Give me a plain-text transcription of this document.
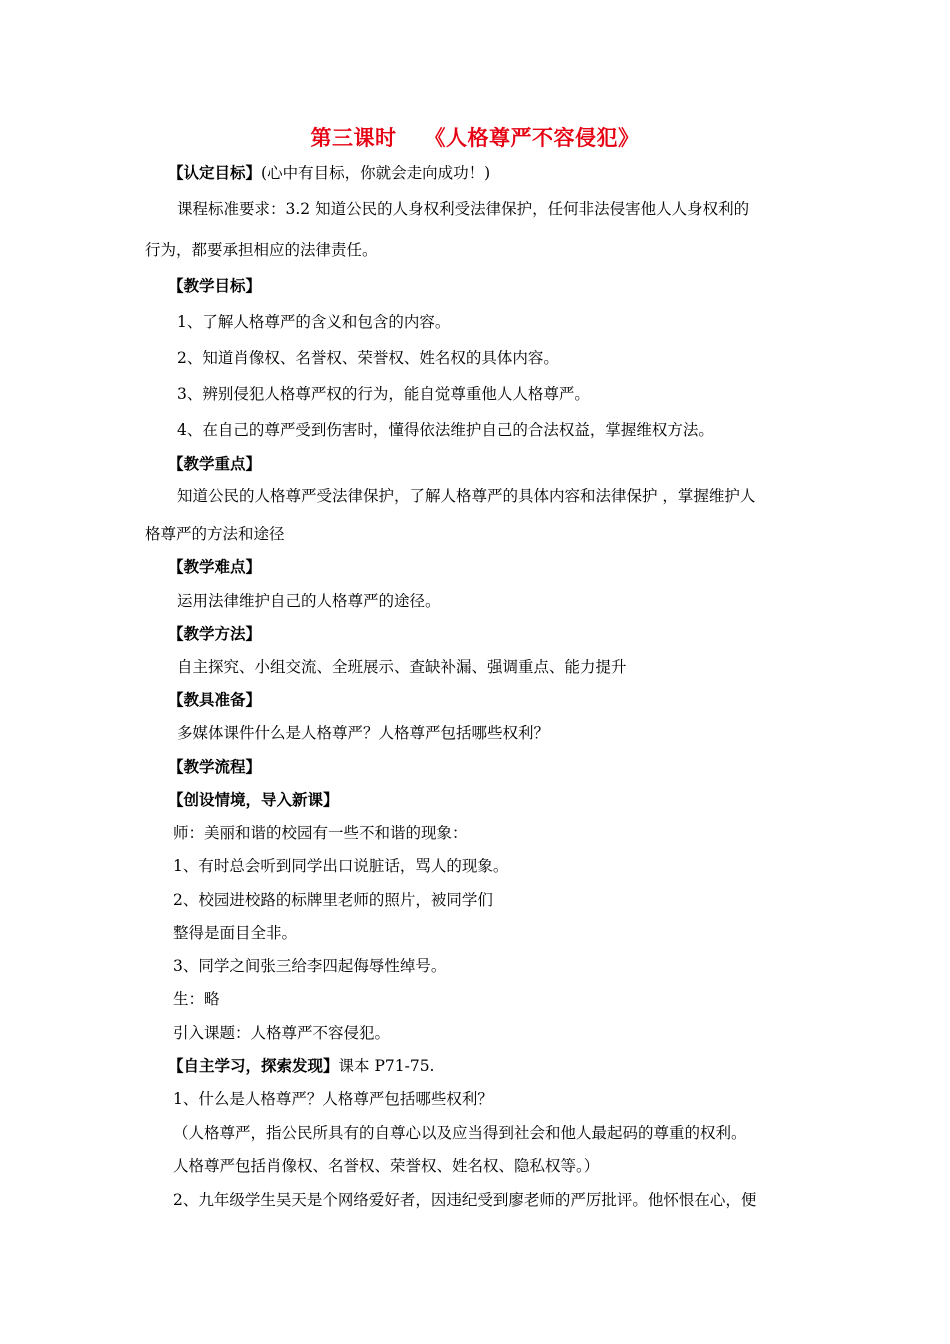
第三课时 《人格尊严不容侵犯》
【认定目标】(心中有目标，你就会走向成功！)
课程标准要求：3.2 知道公民的人身权利受法律保护，任何非法侵害他人人身权利的
行为，都要承担相应的法律责任。
【教学目标】
1、了解人格尊严的含义和包含的内容。
2、知道肖像权、名誉权、荣誉权、姓名权的具体内容。
3、辨别侵犯人格尊严权的行为，能自觉尊重他人人格尊严。
4、在自己的尊严受到伤害时，懂得依法维护自己的合法权益，掌握维权方法。
【教学重点】
知道公民的人格尊严受法律保护，了解人格尊严的具体内容和法律保护 ，掌握维护人
格尊严的方法和途径
【教学难点】
运用法律维护自己的人格尊严的途径。
【教学方法】
自主探究、小组交流、全班展示、查缺补漏、强调重点、能力提升
【教具准备】
多媒体课件什么是人格尊严？人格尊严包括哪些权利？
【教学流程】
【创设情境，导入新课】
师：美丽和谐的校园有一些不和谐的现象：
1、有时总会听到同学出口说脏话，骂人的现象。
2、校园进校路的标牌里老师的照片，被同学们
整得是面目全非。
3、同学之间张三给李四起侮辱性绰号。
生：略
引入课题：人格尊严不容侵犯。
【自主学习，探索发现】课本 P71-75.
1、什么是人格尊严？人格尊严包括哪些权利？
（人格尊严，指公民所具有的自尊心以及应当得到社会和他人最起码的尊重的权利。
人格尊严包括肖像权、名誉权、荣誉权、姓名权、隐私权等。）
2、九年级学生吴天是个网络爱好者，因违纪受到廖老师的严厉批评。他怀恨在心，便
